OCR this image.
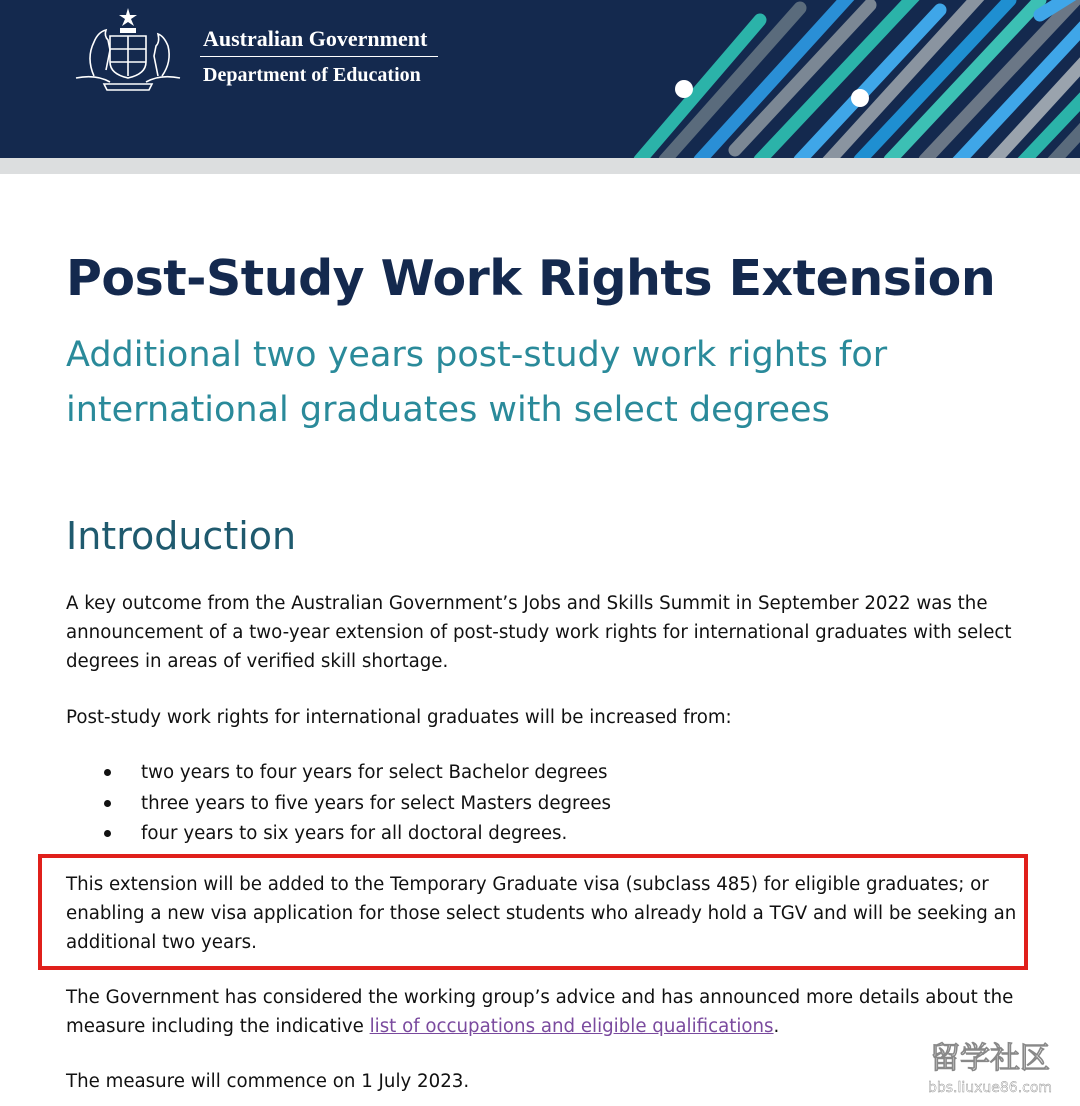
Australian Government
Department of Education
Post-Study Work Rights Extension
Additional two years post-study work rights for international graduates with select degrees
Introduction

A key outcome from the Australian Government’s Jobs and Skills Summit in September 2022 was the announcement of a two-year extension of post-study work rights for international graduates with select degrees in areas of verified skill shortage.

Post-study work rights for international graduates will be increased from:

two years to four years for select Bachelor degrees
three years to five years for select Masters degrees
four years to six years for all doctoral degrees.

This extension will be added to the Temporary Graduate visa (subclass 485) for eligible graduates; or enabling a new visa application for those select students who already hold a TGV and will be seeking an additional two years.

The Government has considered the working group’s advice and has announced more details about the measure including the indicative list of occupations and eligible qualifications.

The measure will commence on 1 July 2023.

留学社区
bbs.liuxue86.com
